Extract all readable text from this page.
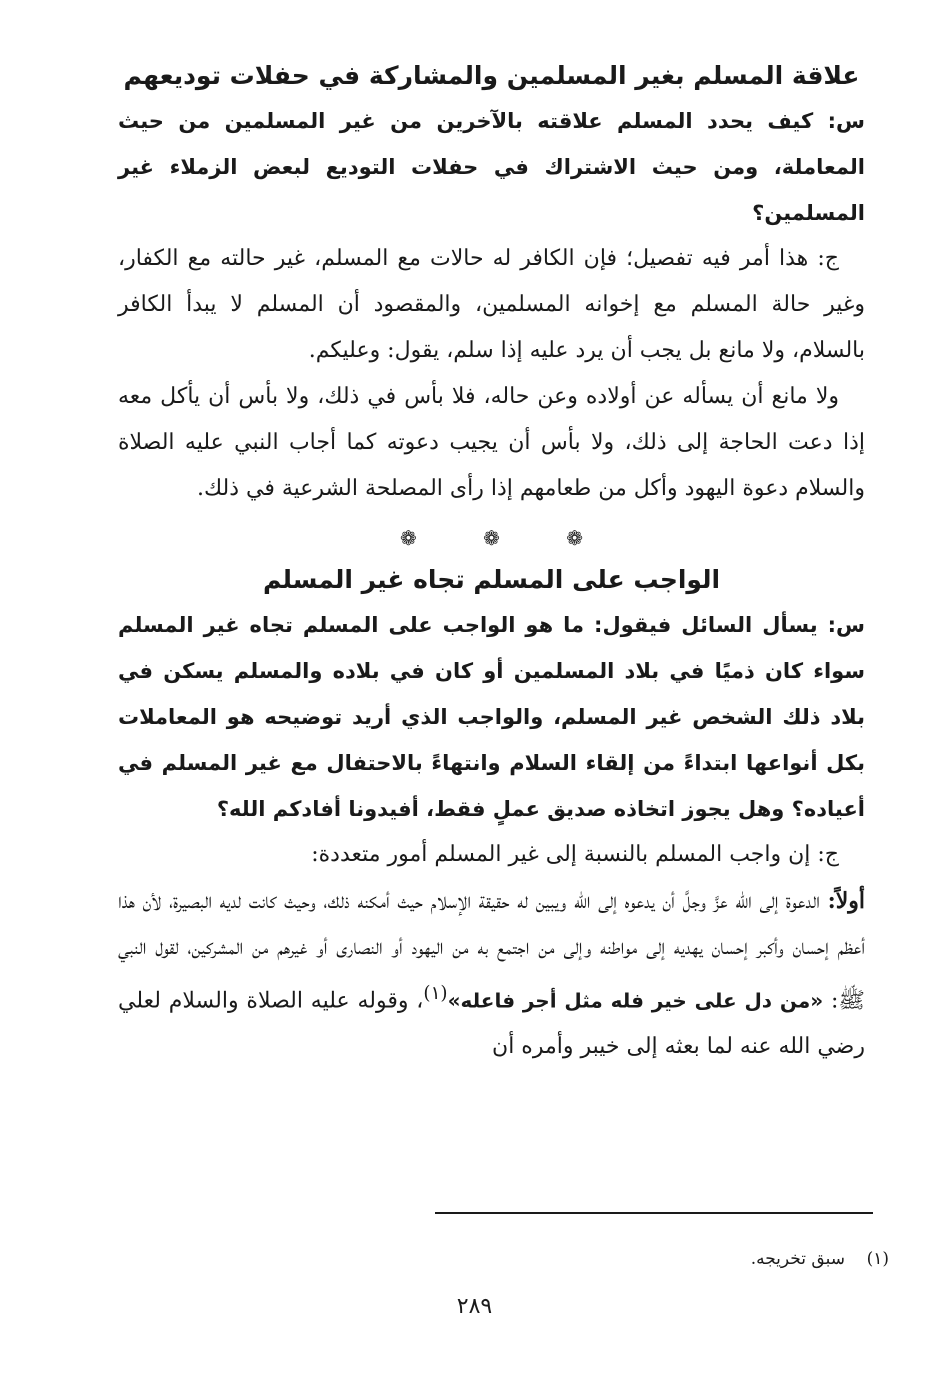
علاقة المسلم بغير المسلمين والمشاركة في حفلات توديعهم

س: كيف يحدد المسلم علاقته بالآخرين من غير المسلمين من حيث المعاملة، ومن حيث الاشتراك في حفلات التوديع لبعض الزملاء غير المسلمين؟

ج: هذا أمر فيه تفصيل؛ فإن الكافر له حالات مع المسلم، غير حالته مع الكفار، وغير حالة المسلم مع إخوانه المسلمين، والمقصود أن المسلم لا يبدأ الكافر بالسلام، ولا مانع بل يجب أن يرد عليه إذا سلم، يقول: وعليكم.

ولا مانع أن يسأله عن أولاده وعن حاله، فلا بأس في ذلك، ولا بأس أن يأكل معه إذا دعت الحاجة إلى ذلك، ولا بأس أن يجيب دعوته كما أجاب النبي عليه الصلاة والسلام دعوة اليهود وأكل من طعامهم إذا رأى المصلحة الشرعية في ذلك.

❁ ❁ ❁
الواجب على المسلم تجاه غير المسلم

س: يسأل السائل فيقول: ما هو الواجب على المسلم تجاه غير المسلم سواء كان ذميًا في بلاد المسلمين أو كان في بلاده والمسلم يسكن في بلاد ذلك الشخص غير المسلم، والواجب الذي أريد توضيحه هو المعاملات بكل أنواعها ابتداءً من إلقاء السلام وانتهاءً بالاحتفال مع غير المسلم في أعياده؟ وهل يجوز اتخاذه صديق عملٍ فقط، أفيدونا أفادكم الله؟

ج: إن واجب المسلم بالنسبة إلى غير المسلم أمور متعددة:

أولاً: الدعوة إلى الله عزَّ وجلَّ أن يدعوه إلى الله ويبين له حقيقة الإسلام حيث أمكنه ذلك، وحيث كانت لديه البصيرة، لأن هذا أعظم إحسان وأكبر إحسان يهديه إلى مواطنه وإلى من اجتمع به من اليهود أو النصارى أو غيرهم من المشركين، لقول النبي ﷺ: «من دل على خير فله مثل أجر فاعله»$^{(١)}$، وقوله عليه الصلاة والسلام لعلي رضي الله عنه لما بعثه إلى خيبر وأمره أن

(١)    سبق تخريجه.
٢٨٩
